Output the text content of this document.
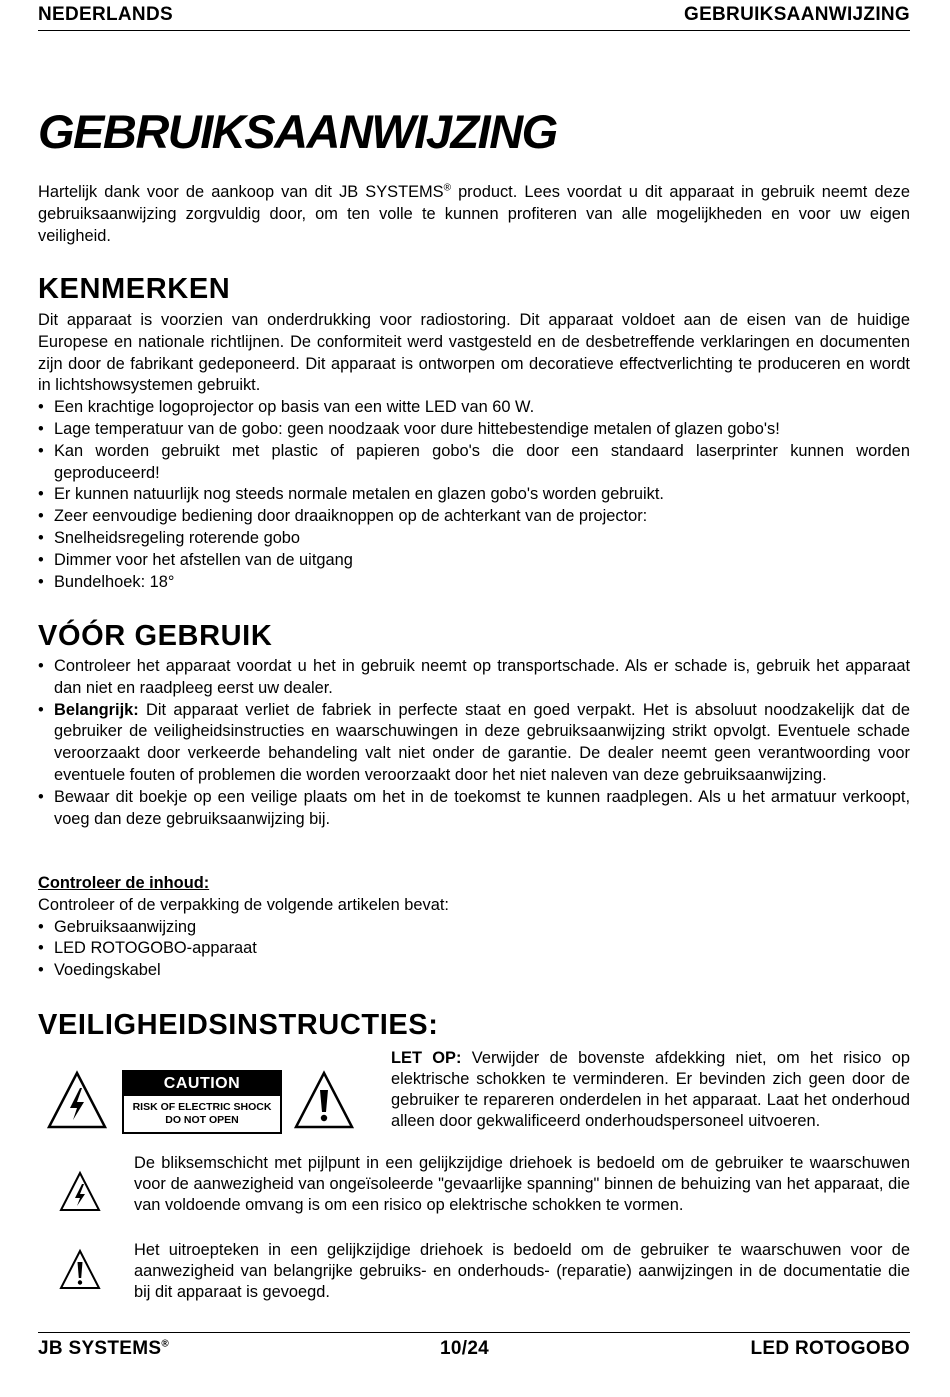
NEDERLANDS	GEBRUIKSAANWIJZING
GEBRUIKSAANWIJZING
Hartelijk dank voor de aankoop van dit JB SYSTEMS® product. Lees voordat u dit apparaat in gebruik neemt deze gebruiksaanwijzing zorgvuldig door, om ten volle te kunnen profiteren van alle mogelijkheden en voor uw eigen veiligheid.
KENMERKEN
Dit apparaat is voorzien van onderdrukking voor radiostoring. Dit apparaat voldoet aan de eisen van de huidige Europese en nationale richtlijnen. De conformiteit werd vastgesteld en de desbetreffende verklaringen en documenten zijn door de fabrikant gedeponeerd. Dit apparaat is ontworpen om decoratieve effectverlichting te produceren en wordt in lichtshowsystemen gebruikt.
• Een krachtige logoprojector op basis van een witte LED van 60 W.
• Lage temperatuur van de gobo: geen noodzaak voor dure hittebestendige metalen of glazen gobo's!
• Kan worden gebruikt met plastic of papieren gobo's die door een standaard laserprinter kunnen worden geproduceerd!
• Er kunnen natuurlijk nog steeds normale metalen en glazen gobo's worden gebruikt.
• Zeer eenvoudige bediening door draaiknoppen op de achterkant van de projector:
• Snelheidsregeling roterende gobo
• Dimmer voor het afstellen van de uitgang
• Bundelhoek: 18°
VÓÓR GEBRUIK
• Controleer het apparaat voordat u het in gebruik neemt op transportschade. Als er schade is, gebruik het apparaat dan niet en raadpleeg eerst uw dealer.
• Belangrijk: Dit apparaat verliet de fabriek in perfecte staat en goed verpakt. Het is absoluut noodzakelijk dat de gebruiker de veiligheidsinstructies en waarschuwingen in deze gebruiksaanwijzing strikt opvolgt. Eventuele schade veroorzaakt door verkeerde behandeling valt niet onder de garantie. De dealer neemt geen verantwoording voor eventuele fouten of problemen die worden veroorzaakt door het niet naleven van deze gebruiksaanwijzing.
• Bewaar dit boekje op een veilige plaats om het in de toekomst te kunnen raadplegen. Als u het armatuur verkoopt, voeg dan deze gebruiksaanwijzing bij.
Controleer de inhoud:
Controleer of de verpakking de volgende artikelen bevat:
• Gebruiksaanwijzing
• LED ROTOGOBO-apparaat
• Voedingskabel
VEILIGHEIDSINSTRUCTIES:
CAUTION
RISK OF ELECTRIC SHOCK
DO NOT OPEN
LET OP: Verwijder de bovenste afdekking niet, om het risico op elektrische schokken te verminderen. Er bevinden zich geen door de gebruiker te repareren onderdelen in het apparaat. Laat het onderhoud alleen door gekwalificeerd onderhoudspersoneel uitvoeren.
De bliksemschicht met pijlpunt in een gelijkzijdige driehoek is bedoeld om de gebruiker te waarschuwen voor de aanwezigheid van ongeïsoleerde "gevaarlijke spanning" binnen de behuizing van het apparaat, die van voldoende omvang is om een risico op elektrische schokken te vormen.
Het uitroepteken in een gelijkzijdige driehoek is bedoeld om de gebruiker te waarschuwen voor de aanwezigheid van belangrijke gebruiks- en onderhouds- (reparatie) aanwijzingen in de documentatie die bij dit apparaat is gevoegd.
JB SYSTEMS®	10/24	LED ROTOGOBO
